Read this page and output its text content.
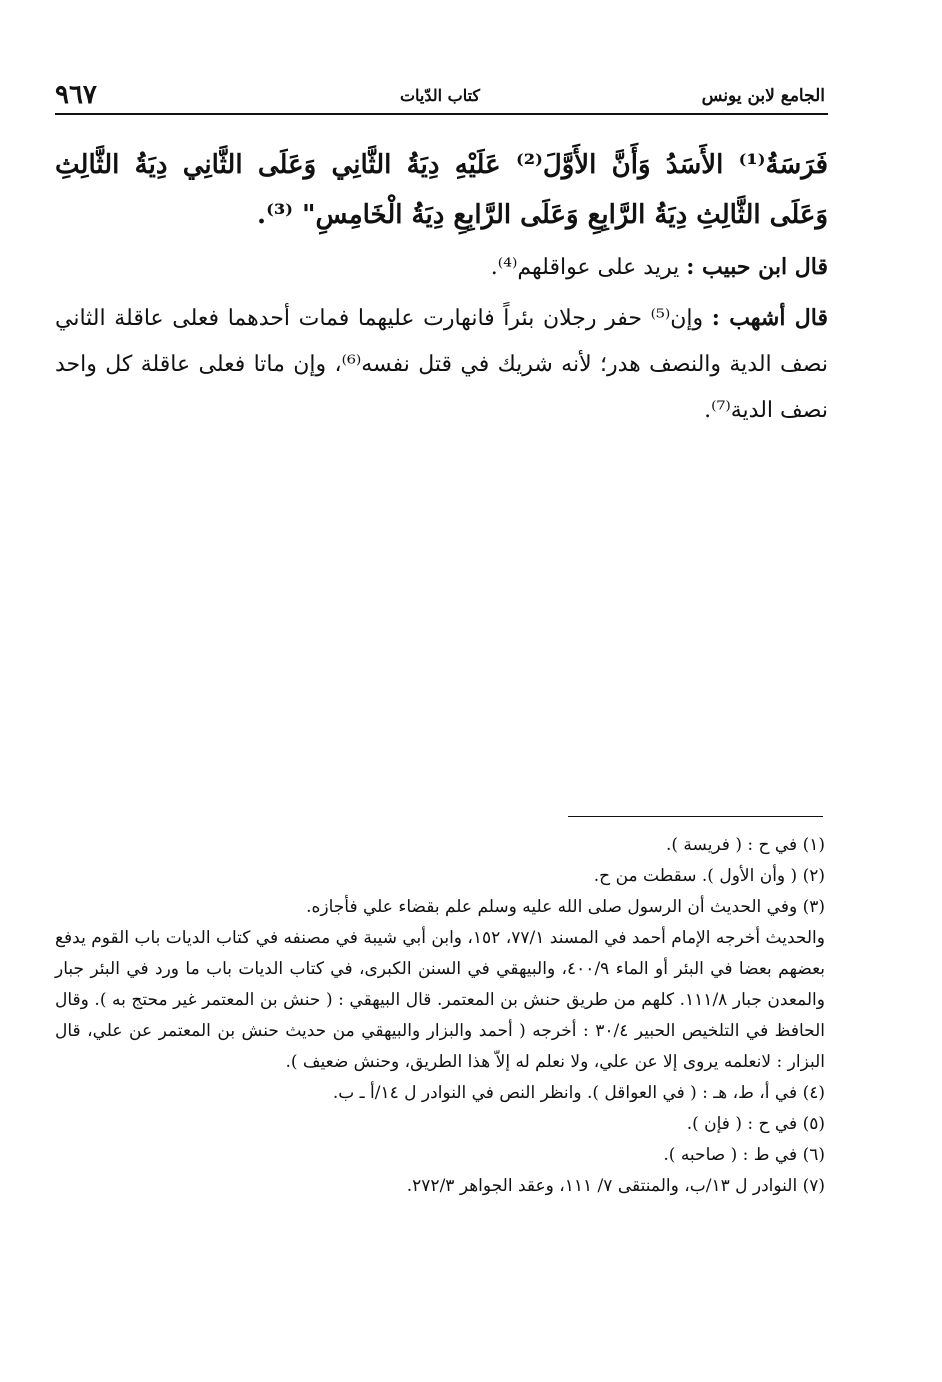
الجامع لابن يونس
كتاب الدّيات
٩٦٧

فَرَسَةُ⁽¹⁾ الأَسَدُ وَأَنَّ الأَوَّلَ⁽²⁾ عَلَيْهِ دِيَةُ الثَّانِي وَعَلَى الثَّانِي دِيَةُ الثَّالِثِ وَعَلَى الثَّالِثِ دِيَةُ الرَّابِعِ وَعَلَى الرَّابِعِ دِيَةُ الْخَامِسِ" ⁽³⁾.

قال ابن حبيب : يريد على عواقلهم⁽⁴⁾.

قال أشهب : وإن⁽⁵⁾ حفر رجلان بئراً فانهارت عليهما فمات أحدهما فعلى عاقلة الثاني نصف الدية والنصف هدر؛ لأنه شريك في قتل نفسه⁽⁶⁾، وإن ماتا فعلى عاقلة كل واحد نصف الدية⁽⁷⁾.

(١) في ح : ( فريسة ).

(٢) ( وأن الأول ). سقطت من ح.

(٣) وفي الحديث أن الرسول صلى الله عليه وسلم علم بقضاء علي فأجازه.

والحديث أخرجه الإمام أحمد في المسند ٧٧/١، ١٥٢، وابن أبي شيبة في مصنفه في كتاب الديات باب القوم يدفع بعضهم بعضا في البئر أو الماء ٤٠٠/٩، والبيهقي في السنن الكبرى، في كتاب الديات باب ما ورد في البئر جبار والمعدن جبار ١١١/٨. كلهم من طريق حنش بن المعتمر. قال البيهقي : ( حنش بن المعتمر غير محتج به ). وقال الحافظ في التلخيص الحبير ٣٠/٤ : أخرجه ( أحمد والبزار والبيهقي من حديث حنش بن المعتمر عن علي، قال البزار : لانعلمه يروى إلا عن علي، ولا نعلم له إلاّ هذا الطريق، وحنش ضعيف ).

(٤) في أ، ط، هـ : ( في العواقل ). وانظر النص في النوادر ل ١٤/أ ـ ب.

(٥) في ح : ( فإن ).

(٦) في ط : ( صاحبه ).

(٧) النوادر ل ١٣/ب، والمنتقى ٧/ ١١١، وعقد الجواهر ٢٧٢/٣.
